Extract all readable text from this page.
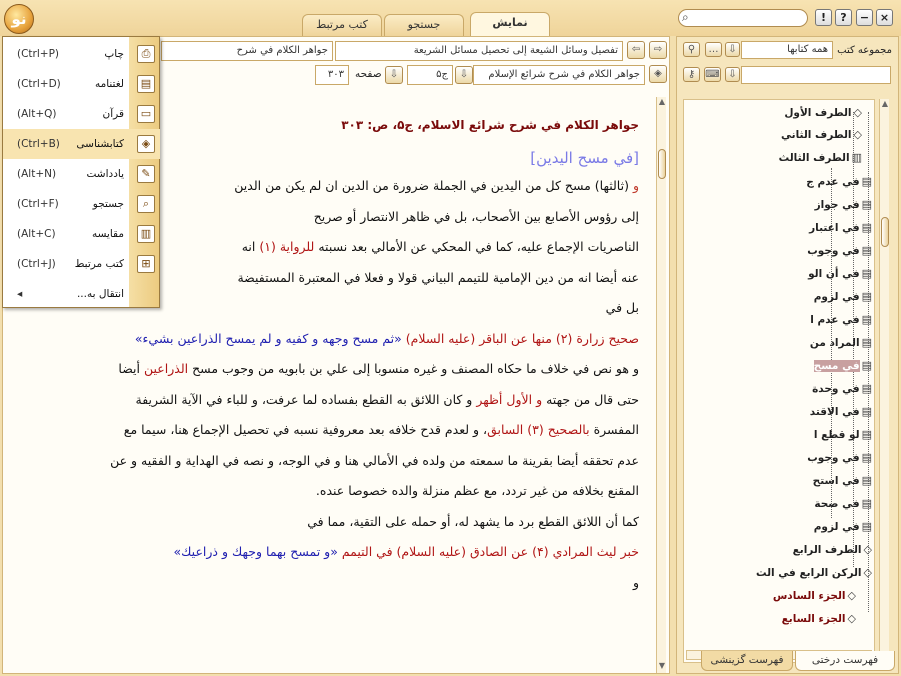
نو	نمایش
جستجو
کتب مرتبط
⌕	!	?	− ×
⇨
⇦
تفصيل وسائل الشيعة إلى تحصيل مسائل الشريعة
جواهر الكلام في شرح
◈
جواهر الكلام في شرح شرائع الإسلام
⇩
ج۵
صفحه ⇩
۳۰۳
جواهر الكلام في شرح شرائع الاسلام، ج۵، ص: ۳۰۳
[في مسح اليدين]
و (ثالثها) مسح كل من اليدين في الجملة ضرورة من الدين ان لم يكن من الدين
إلى رؤوس الأصابع بين الأصحاب، بل في ظاهر الانتصار أو صريح
الناصريات الإجماع عليه، كما في المحكي عن الأمالي بعد نسبته للرواية (۱) انه
عنه أيضا انه من دين الإمامية للتيمم البياني قولا و فعلا في المعتبرة المستفيضة
بل في
صحيح زرارة (۲) منها عن الباقر (عليه السلام) «ثم مسح وجهه و كفيه و لم يمسح الذراعين بشيء»
و هو نص في خلاف ما حكاه المصنف و غيره منسوبا إلى علي بن بابويه من وجوب مسح الذراعين أيضا
حتى قال من جهته و الأول أظهر و كان اللائق به القطع بفساده لما عرفت، و للباء في الآية الشريفة
المفسرة بالصحيح (۳) السابق، و لعدم قدح خلافه بعد معروفية نسبه في تحصيل الإجماع هنا، سيما مع
عدم تحققه أيضا بقرينة ما سمعته من ولده في الأمالي هنا و في الوجه، و نصه في الهداية و الفقيه و عن
المقنع بخلافه من غير تردد، مع عظم منزلة والده خصوصا عنده.
كما أن اللائق القطع برد ما يشهد له، أو حمله على التقية، مما في
خبر ليث المرادي (۴) عن الصادق (عليه السلام) في التيمم «و تمسح بهما وجهك و ذراعيك»
و
▲
▼
مجموعه کتب
همه کتابها
⇩
…
⚲
⚷	⌨ ⇩
◇الطرف الأول
◇الطرف الثاني
▥الطرف الثالث
▤في عدم ج
▤في جواز
▤في اعتبار
▤في وجوب
▤في أن الو
▤في لزوم
▤في عدم ا
▤المراد من
▤في مسح
▤في وحدة
▤في الاقتد
▤لو قطع ا
▤في وجوب
▤في استح
▤في صحة
▤في لزوم
◇الطرف الرابع
◇الركن الرابع في الت
◇الجزء السادس
◇الجزء السابع
▲
فهرست درختی
فهرست گزینشی
(Ctrl+P)	چاپ	⎙
(Ctrl+D)	لغتنامه	▤
(Alt+Q)	قرآن	▭
(Ctrl+B) کتابشناسی	◈
(Alt+N)	یادداشت	✎
(Ctrl+F)	جستجو	⌕
(Alt+C)	مقایسه	▥
(Ctrl+J) کتب مرتبط	⊞
◂	انتقال به...
